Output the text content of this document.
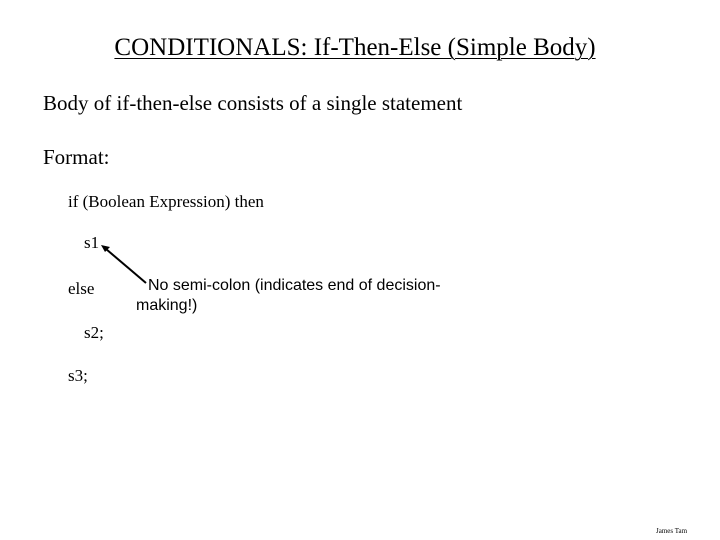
CONDITIONALS: If-Then-Else (Simple Body)
Body of if-then-else consists of a single statement
Format:
if (Boolean Expression) then
s1
else
s2;
s3;
No semi-colon (indicates end of decision-making!)
James Tam
